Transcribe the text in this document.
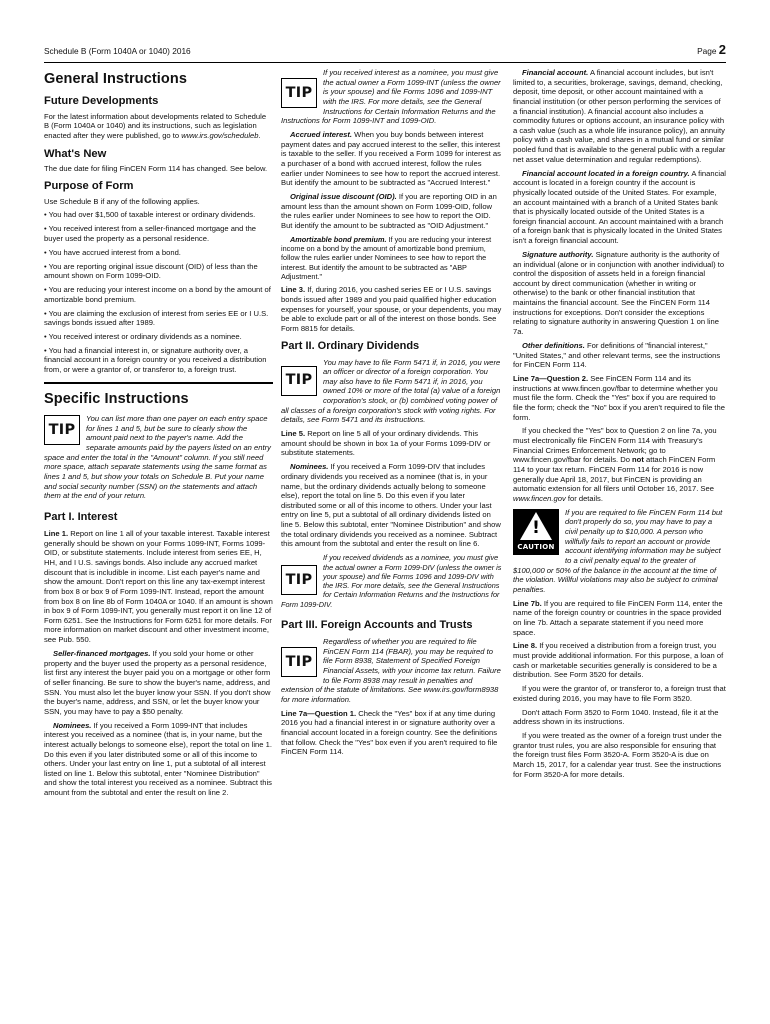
Schedule B (Form 1040A or 1040) 2016	Page 2
General Instructions
Future Developments

For the latest information about developments related to Schedule B (Form 1040A or 1040) and its instructions, such as legislation enacted after they were published, go to www.irs.gov/scheduleb.

What's New

The due date for filing FinCEN Form 114 has changed. See below.

Purpose of Form

Use Schedule B if any of the following applies.

• You had over $1,500 of taxable interest or ordinary dividends.

• You received interest from a seller-financed mortgage and the buyer used the property as a personal residence.

• You have accrued interest from a bond.

• You are reporting original issue discount (OID) of less than the amount shown on Form 1099-OID.

• You are reducing your interest income on a bond by the amount of amortizable bond premium.

• You are claiming the exclusion of interest from series EE or I U.S. savings bonds issued after 1989.

• You received interest or ordinary dividends as a nominee.

• You had a financial interest in, or signature authority over, a financial account in a foreign country or you received a distribution from, or were a grantor of, or transferor to, a foreign trust.

Specific Instructions
TIP

You can list more than one payer on each entry space for lines 1 and 5, but be sure to clearly show the amount paid next to the payer's name. Add the separate amounts paid by the payers listed on an entry space and enter the total in the "Amount" column. If you still need more space, attach separate statements using the same format as lines 1 and 5, but show your totals on Schedule B. Put your name and social security number (SSN) on the statements and attach them at the end of your return.

Part I. Interest

Line 1. Report on line 1 all of your taxable interest. Taxable interest generally should be shown on your Forms 1099-INT, Forms 1099-OID, or substitute statements. Include interest from series EE, H, HH, and I U.S. savings bonds. Also include any accrued market discount that is includible in income. List each payer's name and show the amount. Don't report on this line any tax-exempt interest from box 8 or box 9 of Form 1099-INT. Instead, report the amount from box 8 on line 8b of Form 1040A or 1040. If an amount is shown in box 9 of Form 1099-INT, you generally must report it on line 12 of Form 6251. See the Instructions for Form 6251 for more details. For more information on market discount and other investment income, see Pub. 550.

Seller-financed mortgages. If you sold your home or other property and the buyer used the property as a personal residence, list first any interest the buyer paid you on a mortgage or other form of seller financing. Be sure to show the buyer's name, address, and SSN. You must also let the buyer know your SSN. If you don't show the buyer's name, address, and SSN, or let the buyer know your SSN, you may have to pay a $50 penalty.

Nominees. If you received a Form 1099-INT that includes interest you received as a nominee (that is, in your name, but the interest actually belongs to someone else), report the total on line 1. Do this even if you later distributed some or all of this income to others. Under your last entry on line 1, put a subtotal of all interest listed on line 1. Below this subtotal, enter "Nominee Distribution" and show the total interest you received as a nominee. Subtract this amount from the subtotal and enter the result on line 2.

TIP

If you received interest as a nominee, you must give the actual owner a Form 1099-INT (unless the owner is your spouse) and file Forms 1096 and 1099-INT with the IRS. For more details, see the General Instructions for Certain Information Returns and the Instructions for Form 1099-INT and 1099-OID.

Accrued interest. When you buy bonds between interest payment dates and pay accrued interest to the seller, this interest is taxable to the seller. If you received a Form 1099 for interest as a purchaser of a bond with accrued interest, follow the rules earlier under Nominees to see how to report the accrued interest. But identify the amount to be subtracted as "Accrued Interest."

Original issue discount (OID). If you are reporting OID in an amount less than the amount shown on Form 1099-OID, follow the rules earlier under Nominees to see how to report the OID. But identify the amount to be subtracted as "OID Adjustment."

Amortizable bond premium. If you are reducing your interest income on a bond by the amount of amortizable bond premium, follow the rules earlier under Nominees to see how to report the interest. But identify the amount to be subtracted as "ABP Adjustment."

Line 3. If, during 2016, you cashed series EE or I U.S. savings bonds issued after 1989 and you paid qualified higher education expenses for yourself, your spouse, or your dependents, you may be able to exclude part or all of the interest on those bonds. See Form 8815 for details.

Part II. Ordinary Dividends
TIP

You may have to file Form 5471 if, in 2016, you were an officer or director of a foreign corporation. You may also have to file Form 5471 if, in 2016, you owned 10% or more of the total (a) value of a foreign corporation's stock, or (b) combined voting power of all classes of a foreign corporation's stock with voting rights. For details, see Form 5471 and its instructions.

Line 5. Report on line 5 all of your ordinary dividends. This amount should be shown in box 1a of your Forms 1099-DIV or substitute statements.

Nominees. If you received a Form 1099-DIV that includes ordinary dividends you received as a nominee (that is, in your name, but the ordinary dividends actually belong to someone else), report the total on line 5. Do this even if you later distributed some or all of this income to others. Under your last entry on line 5, put a subtotal of all ordinary dividends listed on line 5. Below this subtotal, enter "Nominee Distribution" and show the total ordinary dividends you received as a nominee. Subtract this amount from the subtotal and enter the result on line 6.

TIP

If you received dividends as a nominee, you must give the actual owner a Form 1099-DIV (unless the owner is your spouse) and file Forms 1096 and 1099-DIV with the IRS. For more details, see the General Instructions for Certain Information Returns and the Instructions for Form 1099-DIV.

Part III. Foreign Accounts and Trusts
TIP

Regardless of whether you are required to file FinCEN Form 114 (FBAR), you may be required to file Form 8938, Statement of Specified Foreign Financial Assets, with your income tax return. Failure to file Form 8938 may result in penalties and extension of the statute of limitations. See www.irs.gov/form8938 for more information.

Line 7a—Question 1. Check the "Yes" box if at any time during 2016 you had a financial interest in or signature authority over a financial account located in a foreign country. See the definitions that follow. Check the "Yes" box even if you aren't required to file FinCEN Form 114.

Financial account. A financial account includes, but isn't limited to, a securities, brokerage, savings, demand, checking, deposit, time deposit, or other account maintained with a financial institution (or other person performing the services of a financial institution). A financial account also includes a commodity futures or options account, an insurance policy with a cash value (such as a whole life insurance policy), an annuity policy with a cash value, and shares in a mutual fund or similar pooled fund that is available to the general public with a regular net asset value determination and regular redemptions).

Financial account located in a foreign country. A financial account is located in a foreign country if the account is physically located outside of the United States. For example, an account maintained with a branch of a United States bank that is physically located outside of the United States is a foreign financial account. An account maintained with a branch of a foreign bank that is physically located in the United States isn't a foreign financial account.

Signature authority. Signature authority is the authority of an individual (alone or in conjunction with another individual) to control the disposition of assets held in a foreign financial account by direct communication (whether in writing or otherwise) to the bank or other financial institution that maintains the financial account. See the FinCEN Form 114 instructions for exceptions. Don't consider the exceptions relating to signature authority in answering Question 1 on line 7a.

Other definitions. For definitions of "financial interest," "United States," and other relevant terms, see the instructions for FinCEN Form 114.

Line 7a—Question 2. See FinCEN Form 114 and its instructions at www.fincen.gov/fbar to determine whether you must file the form. Check the "Yes" box if you are required to file the form; check the "No" box if you aren't required to file the form.

If you checked the "Yes" box to Question 2 on line 7a, you must electronically file FinCEN Form 114 with Treasury's Financial Crimes Enforcement Network; go to www.fincen.gov/fbar for details. Do not attach FinCEN Form 114 to your tax return. FinCEN Form 114 for 2016 is now generally due April 18, 2017, but FinCEN is providing an automatic extension for all filers until October 16, 2017. See www.fincen.gov for details.

!
CAUTION

If you are required to file FinCEN Form 114 but don't properly do so, you may have to pay a civil penalty up to $10,000. A person who willfully fails to report an account or provide account identifying information may be subject to a civil penalty equal to the greater of $100,000 or 50% of the balance in the account at the time of the violation. Willful violations may also be subject to criminal penalties.

Line 7b. If you are required to file FinCEN Form 114, enter the name of the foreign country or countries in the space provided on line 7b. Attach a separate statement if you need more space.

Line 8. If you received a distribution from a foreign trust, you must provide additional information. For this purpose, a loan of cash or marketable securities generally is considered to be a distribution. See Form 3520 for details.

If you were the grantor of, or transferor to, a foreign trust that existed during 2016, you may have to file Form 3520.

Don't attach Form 3520 to Form 1040. Instead, file it at the address shown in its instructions.

If you were treated as the owner of a foreign trust under the grantor trust rules, you are also responsible for ensuring that the foreign trust files Form 3520-A. Form 3520-A is due on March 15, 2017, for a calendar year trust. See the instructions for Form 3520-A for more details.
